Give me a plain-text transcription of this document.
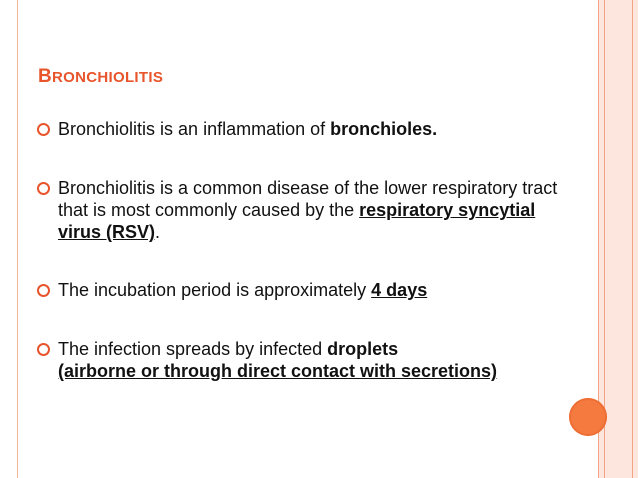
BRONCHIOLITIS
Bronchiolitis is an inflammation of bronchioles.
Bronchiolitis is a common disease of the lower respiratory tract that is most commonly caused by the respiratory syncytial virus (RSV).
The incubation period is approximately 4 days
The infection spreads by infected droplets
(airborne or through direct contact with secretions)
